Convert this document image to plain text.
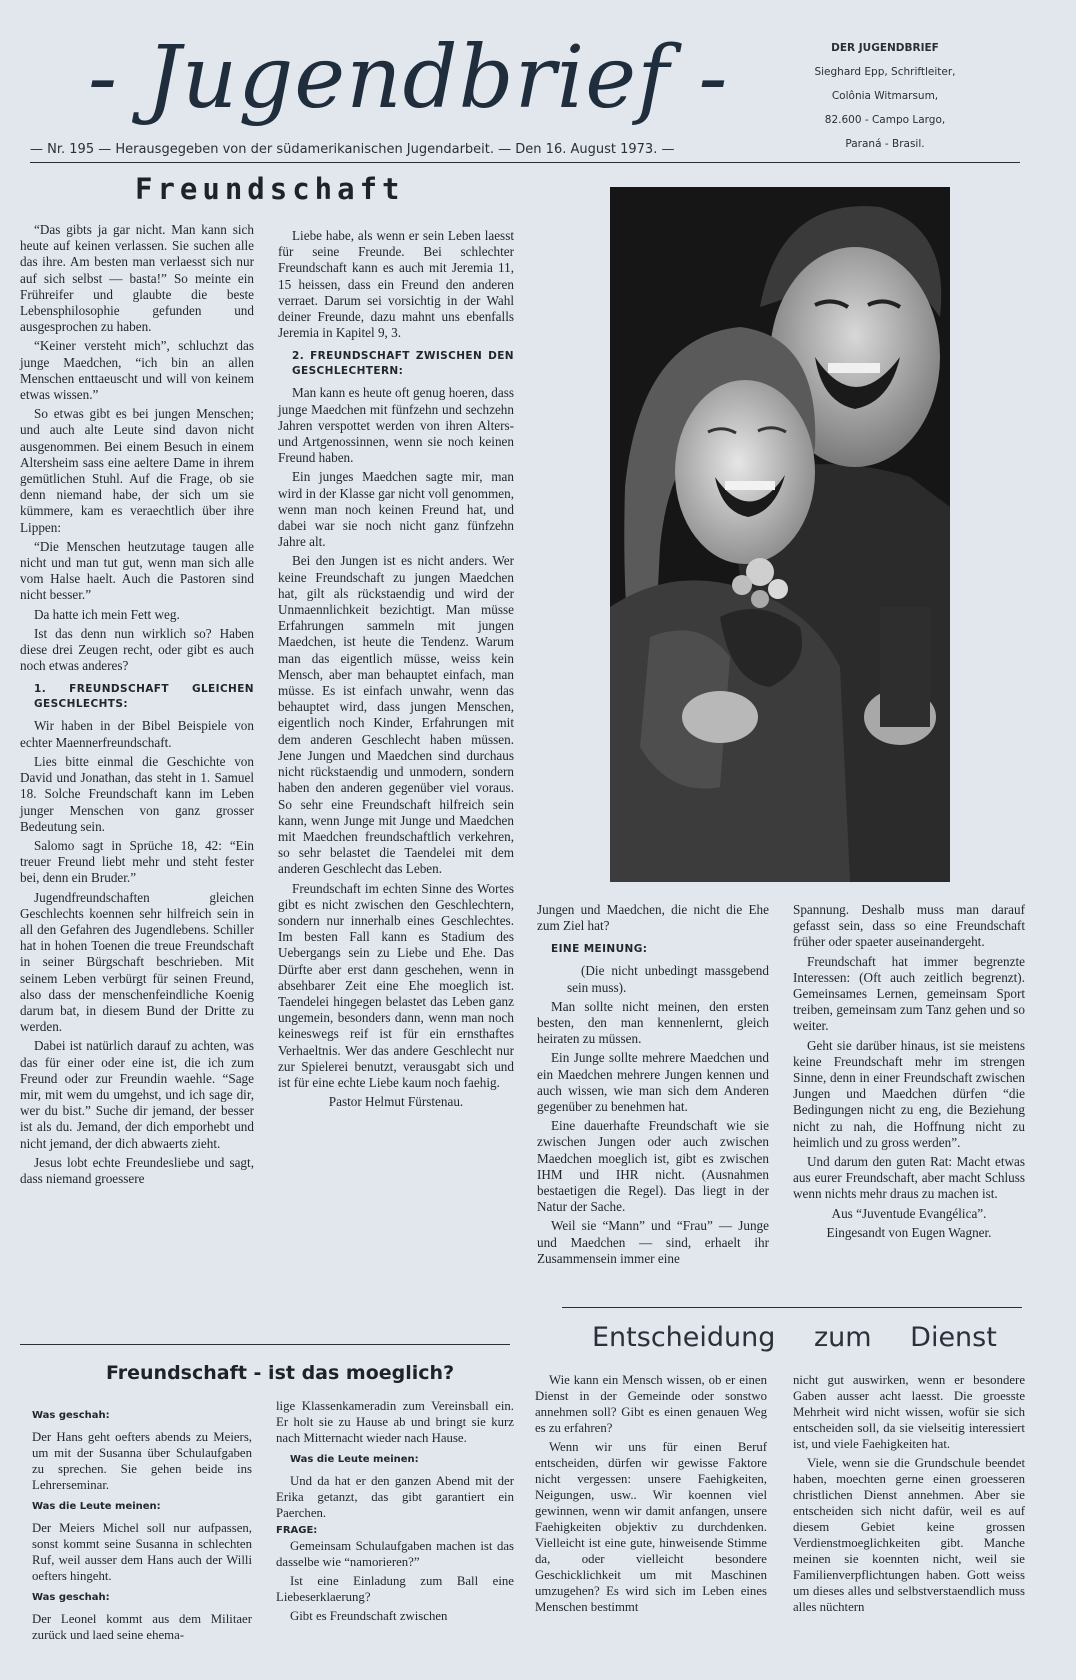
- Jugendbrief -	DER JUGENDBRIEF
Sieghard Epp, Schriftleiter,
Colônia Witmarsum,
82.600 - Campo Largo,
Paraná - Brasil.
— Nr. 195 — Herausgegeben von der südamerikanischen Jugendarbeit. — Den 16. August 1973. —
Freundschaft

“Das gibts ja gar nicht. Man kann sich heute auf keinen verlassen. Sie suchen alle das ihre. Am besten man verlaesst sich nur auf sich selbst — basta!” So meinte ein Frühreifer und glaubte die beste Lebensphilosophie gefunden und ausgesprochen zu haben.

“Keiner versteht mich”, schluchzt das junge Maedchen, “ich bin an allen Menschen enttaeuscht und will von keinem etwas wissen.”

So etwas gibt es bei jungen Menschen; und auch alte Leute sind davon nicht ausgenommen. Bei einem Besuch in einem Altersheim sass eine aeltere Dame in ihrem gemütlichen Stuhl. Auf die Frage, ob sie denn niemand habe, der sich um sie kümmere, kam es veraechtlich über ihre Lippen:

“Die Menschen heutzutage taugen alle nicht und man tut gut, wenn man sich alle vom Halse haelt. Auch die Pastoren sind nicht besser.”

Da hatte ich mein Fett weg.

Ist das denn nun wirklich so? Haben diese drei Zeugen recht, oder gibt es auch noch etwas anderes?

1. FREUNDSCHAFT GLEICHEN GESCHLECHTS:

Wir haben in der Bibel Beispiele von echter Maennerfreundschaft.

Lies bitte einmal die Geschichte von David und Jonathan, das steht in 1. Samuel 18. Solche Freundschaft kann im Leben junger Menschen von ganz grosser Bedeutung sein.

Salomo sagt in Sprüche 18, 42: “Ein treuer Freund liebt mehr und steht fester bei, denn ein Bruder.”

Jugendfreundschaften gleichen Geschlechts koennen sehr hilfreich sein in all den Gefahren des Jugendlebens. Schiller hat in hohen Toenen die treue Freundschaft in seiner Bürgschaft beschrieben. Mit seinem Leben verbürgt für seinen Freund, also dass der menschenfeindliche Koenig darum bat, in diesem Bund der Dritte zu werden.

Dabei ist natürlich darauf zu achten, was das für einer oder eine ist, die ich zum Freund oder zur Freundin waehle. “Sage mir, mit wem du umgehst, und ich sage dir, wer du bist.” Suche dir jemand, der besser ist als du. Jemand, der dich emporhebt und nicht jemand, der dich abwaerts zieht.

Jesus lobt echte Freundesliebe und sagt, dass niemand groessere

Liebe habe, als wenn er sein Leben laesst für seine Freunde. Bei schlechter Freundschaft kann es auch mit Jeremia 11, 15 heissen, dass ein Freund den anderen verraet. Darum sei vorsichtig in der Wahl deiner Freunde, dazu mahnt uns ebenfalls Jeremia in Kapitel 9, 3.

2. FREUNDSCHAFT ZWISCHEN DEN GESCHLECHTERN:

Man kann es heute oft genug hoeren, dass junge Maedchen mit fünfzehn und sechzehn Jahren verspottet werden von ihren Alters- und Artgenossinnen, wenn sie noch keinen Freund haben.

Ein junges Maedchen sagte mir, man wird in der Klasse gar nicht voll genommen, wenn man noch keinen Freund hat, und dabei war sie noch nicht ganz fünfzehn Jahre alt.

Bei den Jungen ist es nicht anders. Wer keine Freundschaft zu jungen Maedchen hat, gilt als rückstaendig und wird der Unmaennlichkeit bezichtigt. Man müsse Erfahrungen sammeln mit jungen Maedchen, ist heute die Tendenz. Warum man das eigentlich müsse, weiss kein Mensch, aber man behauptet einfach, man müsse. Es ist einfach unwahr, wenn das behauptet wird, dass jungen Menschen, eigentlich noch Kinder, Erfahrungen mit dem anderen Geschlecht haben müssen. Jene Jungen und Maedchen sind durchaus nicht rückstaendig und unmodern, sondern haben den anderen gegenüber viel voraus. So sehr eine Freundschaft hilfreich sein kann, wenn Junge mit Junge und Maedchen mit Maedchen freundschaftlich verkehren, so sehr belastet die Taendelei mit dem anderen Geschlecht das Leben.

Freundschaft im echten Sinne des Wortes gibt es nicht zwischen den Geschlechtern, sondern nur innerhalb eines Geschlechtes. Im besten Fall kann es Stadium des Uebergangs sein zu Liebe und Ehe. Das Dürfte aber erst dann geschehen, wenn in absehbarer Zeit eine Ehe moeglich ist. Taendelei hingegen belastet das Leben ganz ungemein, besonders dann, wenn man noch keineswegs reif ist für ein ernsthaftes Verhaeltnis. Wer das andere Geschlecht nur zur Spielerei benutzt, verausgabt sich und ist für eine echte Liebe kaum noch faehig.

Pastor Helmut Fürstenau.

Jungen und Maedchen, die nicht die Ehe zum Ziel hat?

EINE MEINUNG:

(Die nicht unbedingt massgebend sein muss).

Man sollte nicht meinen, den ersten besten, den man kennenlernt, gleich heiraten zu müssen.

Ein Junge sollte mehrere Maedchen und ein Maedchen mehrere Jungen kennen und auch wissen, wie man sich dem Anderen gegenüber zu benehmen hat.

Eine dauerhafte Freundschaft wie sie zwischen Jungen oder auch zwischen Maedchen moeglich ist, gibt es zwischen IHM und IHR nicht. (Ausnahmen bestaetigen die Regel). Das liegt in der Natur der Sache.

Weil sie “Mann” und “Frau” — Junge und Maedchen — sind, erhaelt ihr Zusammensein immer eine

Spannung. Deshalb muss man darauf gefasst sein, dass so eine Freundschaft früher oder spaeter auseinandergeht.

Freundschaft hat immer begrenzte Interessen: (Oft auch zeitlich begrenzt). Gemeinsames Lernen, gemeinsam Sport treiben, gemeinsam zum Tanz gehen und so weiter.

Geht sie darüber hinaus, ist sie meistens keine Freundschaft mehr im strengen Sinne, denn in einer Freundschaft zwischen Jungen und Maedchen dürfen “die Bedingungen nicht zu eng, die Beziehung nicht zu nah, die Hoffnung nicht zu heimlich und zu gross werden”.

Und darum den guten Rat: Macht etwas aus eurer Freundschaft, aber macht Schluss wenn nichts mehr draus zu machen ist.

Aus “Juventude Evangélica”.

Eingesandt von Eugen Wagner.

Freundschaft - ist das moeglich?
Was geschah:

Der Hans geht oefters abends zu Meiers, um mit der Susanna über Schulaufgaben zu sprechen. Sie gehen beide ins Lehrerseminar.

Was die Leute meinen:

Der Meiers Michel soll nur aufpassen, sonst kommt seine Susanna in schlechten Ruf, weil ausser dem Hans auch der Willi oefters hingeht.

Was geschah:

Der Leonel kommt aus dem Militaer zurück und laed seine ehema-

lige Klassenkameradin zum Vereinsball ein. Er holt sie zu Hause ab und bringt sie kurz nach Mitternacht wieder nach Hause.

Was die Leute meinen:

Und da hat er den ganzen Abend mit der Erika getanzt, das gibt garantiert ein Paerchen.

FRAGE:

Gemeinsam Schulaufgaben machen ist das dasselbe wie “namorieren?”

Ist eine Einladung zum Ball eine Liebeserklaerung?

Gibt es Freundschaft zwischen

Entscheidung zum Dienst

Wie kann ein Mensch wissen, ob er einen Dienst in der Gemeinde oder sonstwo annehmen soll? Gibt es einen genauen Weg es zu erfahren?

Wenn wir uns für einen Beruf entscheiden, dürfen wir gewisse Faktore nicht vergessen: unsere Faehigkeiten, Neigungen, usw.. Wir koennen viel gewinnen, wenn wir damit anfangen, unsere Faehigkeiten objektiv zu durchdenken. Vielleicht ist eine gute, hinweisende Stimme da, oder vielleicht besondere Geschicklichkeit um mit Maschinen umzugehen? Es wird sich im Leben eines Menschen bestimmt

nicht gut auswirken, wenn er besondere Gaben ausser acht laesst. Die groesste Mehrheit wird nicht wissen, wofür sie sich entscheiden soll, da sie vielseitig interessiert ist, und viele Faehigkeiten hat.

Viele, wenn sie die Grundschule beendet haben, moechten gerne einen groesseren christlichen Dienst annehmen. Aber sie entscheiden sich nicht dafür, weil es auf diesem Gebiet keine grossen Verdienstmoeglichkeiten gibt. Manche meinen sie koennten nicht, weil sie Familienverpflichtungen haben. Gott weiss um dieses alles und selbstverstaendlich muss alles nüchtern
